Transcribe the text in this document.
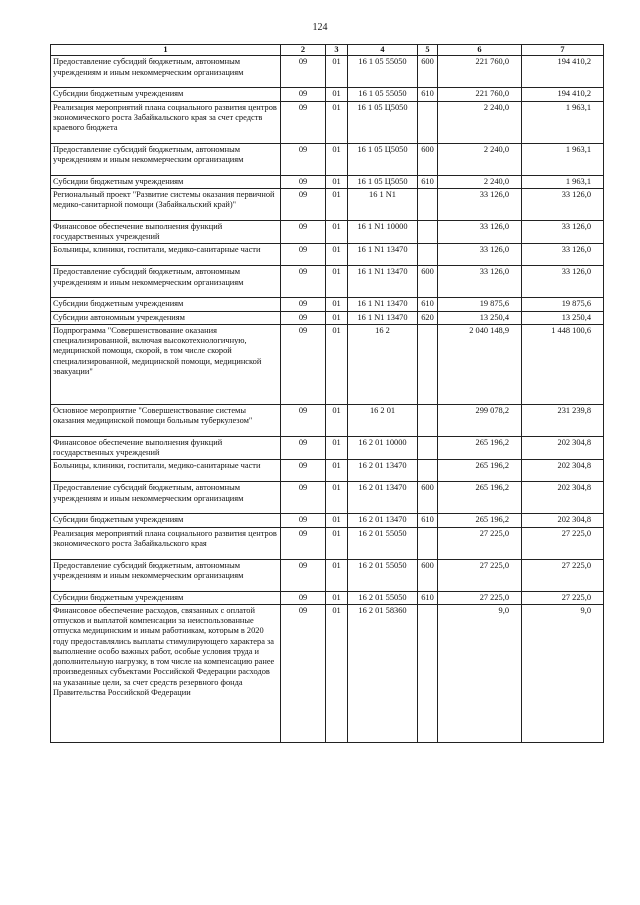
124
1	2	3	4	5	6	7
Предоставление субсидий бюджетным, автономным учреждениям и иным некоммерческим организациям	09	01	16 1 05 55050	600	221 760,0	194 410,2
Субсидии бюджетным учреждениям	09	01	16 1 05 55050	610	221 760,0	194 410,2
Реализация мероприятий плана социального развития центров экономического роста Забайкальского края за счет средств краевого бюджета	09	01	16 1 05 Ц5050		2 240,0	1 963,1
Предоставление субсидий бюджетным, автономным учреждениям и иным некоммерческим организациям	09	01	16 1 05 Ц5050	600	2 240,0	1 963,1
Субсидии бюджетным учреждениям	09	01	16 1 05 Ц5050	610	2 240,0	1 963,1
Региональный проект "Развитие системы оказания первичной медико-санитарной помощи (Забайкальский край)"	09	01	16 1 N1		33 126,0	33 126,0
Финансовое обеспечение выполнения функций государственных учреждений	09	01	16 1 N1 10000		33 126,0	33 126,0
Больницы, клиники, госпитали, медико-санитарные части	09	01	16 1 N1 13470		33 126,0	33 126,0
Предоставление субсидий бюджетным, автономным учреждениям и иным некоммерческим организациям	09	01	16 1 N1 13470	600	33 126,0	33 126,0
Субсидии бюджетным учреждениям	09	01	16 1 N1 13470	610	19 875,6	19 875,6
Субсидии автономным учреждениям	09	01	16 1 N1 13470	620	13 250,4	13 250,4
Подпрограмма "Совершенствование оказания специализированной, включая высокотехнологичную, медицинской помощи, скорой, в том числе скорой специализированной, медицинской помощи, медицинской эвакуации"	09	01	16 2		2 040 148,9	1 448 100,6
Основное мероприятие "Совершенствование системы оказания медицинской помощи больным туберкулезом"	09	01	16 2 01		299 078,2	231 239,8
Финансовое обеспечение выполнения функций государственных учреждений	09	01	16 2 01 10000		265 196,2	202 304,8
Больницы, клиники, госпитали, медико-санитарные части	09	01	16 2 01 13470		265 196,2	202 304,8
Предоставление субсидий бюджетным, автономным учреждениям и иным некоммерческим организациям	09	01	16 2 01 13470	600	265 196,2	202 304,8
Субсидии бюджетным учреждениям	09	01	16 2 01 13470	610	265 196,2	202 304,8
Реализация мероприятий плана социального развития центров экономического роста Забайкальского края	09	01	16 2 01 55050		27 225,0	27 225,0
Предоставление субсидий бюджетным, автономным учреждениям и иным некоммерческим организациям	09	01	16 2 01 55050	600	27 225,0	27 225,0
Субсидии бюджетным учреждениям	09	01	16 2 01 55050	610	27 225,0	27 225,0
Финансовое обеспечение расходов, связанных с оплатой отпусков и выплатой компенсации за неиспользованные отпуска медицинским и иным работникам, которым в 2020 году предоставлялись выплаты стимулирующего характера за выполнение особо важных работ, особые условия труда и дополнительную нагрузку, в том числе на компенсацию ранее произведенных субъектами Российской Федерации расходов на указанные цели, за счет средств резервного фонда Правительства Российской Федерации	09	01	16 2 01 58360		9,0	9,0
